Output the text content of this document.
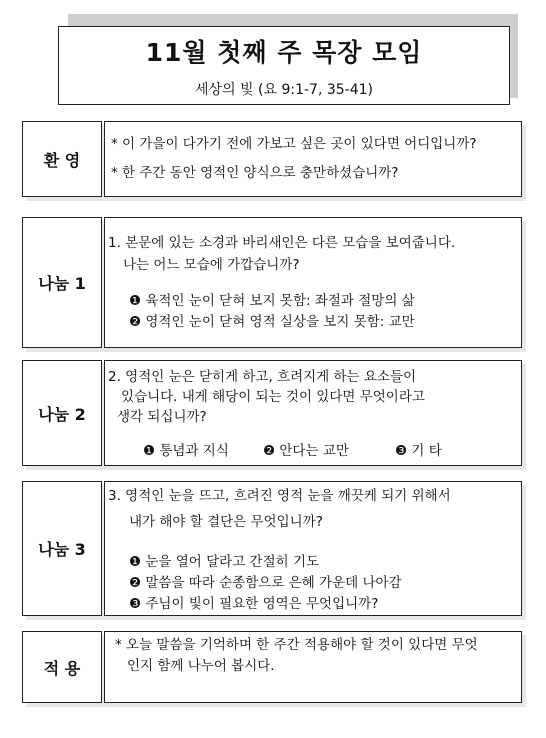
11월 첫째 주 목장 모임
세상의 빛 (요 9:1-7, 35-41)
환 영
* 이 가을이 다가기 전에 가보고 싶은 곳이 있다면 어디입니까?
* 한 주간 동안 영적인 양식으로 충만하셨습니까?
나눔 1
1. 본문에 있는 소경과 바리새인은 다른 모습을 보여줍니다.
나는 어느 모습에 가깝습니까?
❶ 육적인 눈이 닫혀 보지 못함: 좌절과 절망의 삶
❷ 영적인 눈이 닫혀 영적 실상을 보지 못함: 교만
나눔 2
2. 영적인 눈은 닫히게 하고, 흐려지게 하는 요소들이
있습니다. 내게 해당이 되는 것이 있다면 무엇이라고
생각 되십니까?
❶ 통념과 지식	❷ 안다는 교만	❸ 기 타
나눔 3
3. 영적인 눈을 뜨고, 흐려진 영적 눈을 깨끗케 되기 위해서
내가 해야 할 결단은 무엇입니까?
❶ 눈을 열어 달라고 간절히 기도
❷ 말씀을 따라 순종함으로 은혜 가운데 나아감
❸ 주님이 빛이 필요한 영역은 무엇입니까?
적 용
* 오늘 말씀을 기억하며 한 주간 적용해야 할 것이 있다면 무엇
인지 함께 나누어 봅시다.
